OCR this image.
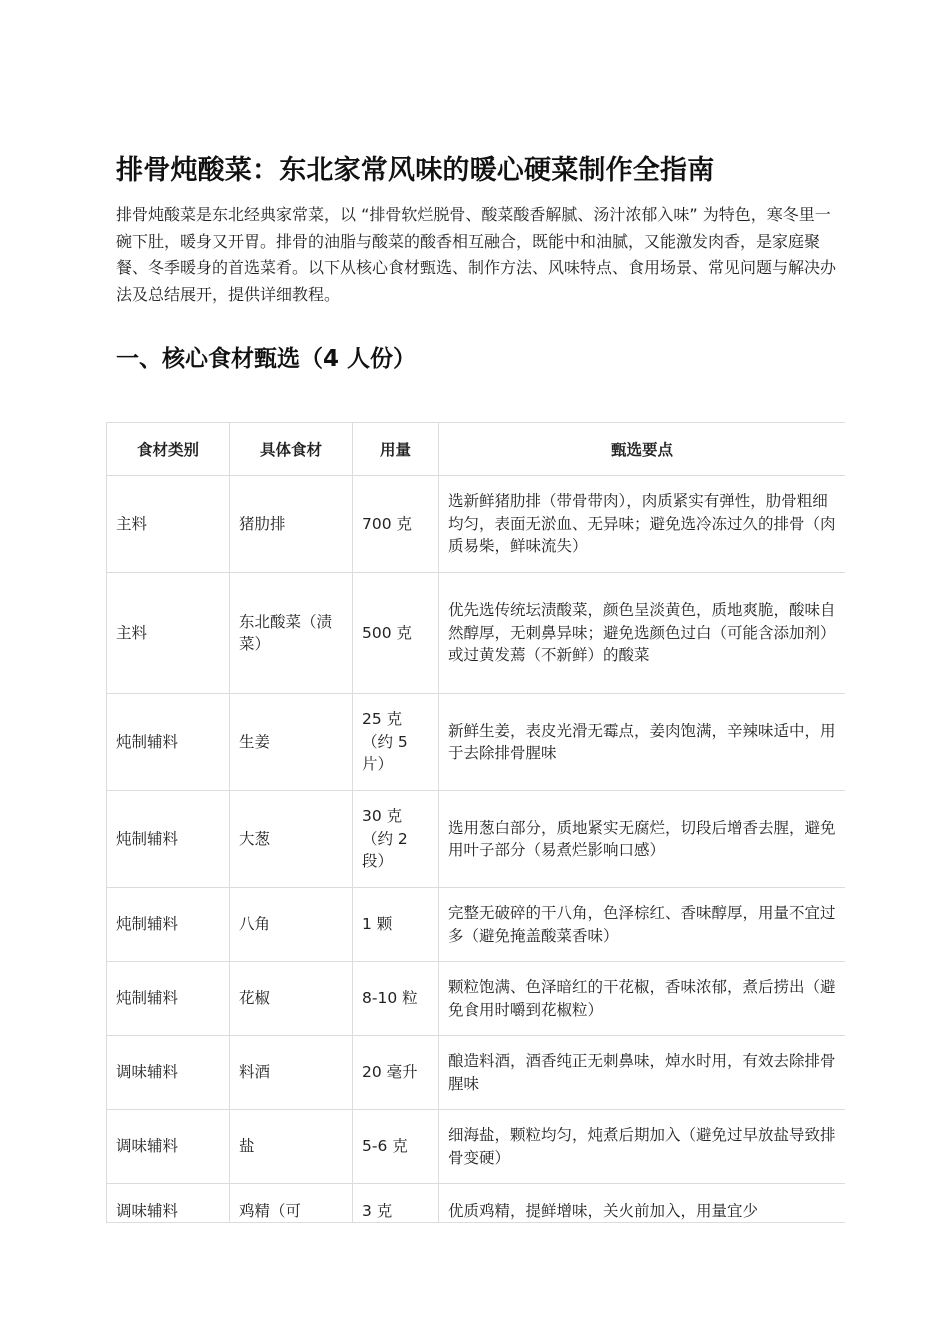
排骨炖酸菜：东北家常风味的暖心硬菜制作全指南

排骨炖酸菜是东北经典家常菜，以 “排骨软烂脱骨、酸菜酸香解腻、汤汁浓郁入味” 为特色，寒冬里一碗下肚，暖身又开胃。排骨的油脂与酸菜的酸香相互融合，既能中和油腻，又能激发肉香，是家庭聚餐、冬季暖身的首选菜肴。以下从核心食材甄选、制作方法、风味特点、食用场景、常见问题与解决办法及总结展开，提供详细教程。

一、核心食材甄选（4 人份）
食材类别	具体食材	用量	甄选要点
主料	猪肋排	700 克	选新鲜猪肋排（带骨带肉），肉质紧实有弹性，肋骨粗细均匀，表面无淤血、无异味；避免选冷冻过久的排骨（肉质易柴，鲜味流失）
主料	东北酸菜（渍菜）	500 克	优先选传统坛渍酸菜，颜色呈淡黄色，质地爽脆，酸味自然醇厚，无刺鼻异味；避免选颜色过白（可能含添加剂）或过黄发蔫（不新鲜）的酸菜
炖制辅料	生姜	25 克（约 5 片）	新鲜生姜，表皮光滑无霉点，姜肉饱满，辛辣味适中，用于去除排骨腥味
炖制辅料	大葱	30 克（约 2 段）	选用葱白部分，质地紧实无腐烂，切段后增香去腥，避免用叶子部分（易煮烂影响口感）
炖制辅料	八角	1 颗	完整无破碎的干八角，色泽棕红、香味醇厚，用量不宜过多（避免掩盖酸菜香味）
炖制辅料	花椒	8-10 粒	颗粒饱满、色泽暗红的干花椒，香味浓郁，煮后捞出（避免食用时嚼到花椒粒）
调味辅料	料酒	20 毫升	酿造料酒，酒香纯正无刺鼻味，焯水时用，有效去除排骨腥味
调味辅料	盐	5-6 克	细海盐，颗粒均匀，炖煮后期加入（避免过早放盐导致排骨变硬）
调味辅料	鸡精（可	3 克	优质鸡精，提鲜增味，关火前加入，用量宜少
